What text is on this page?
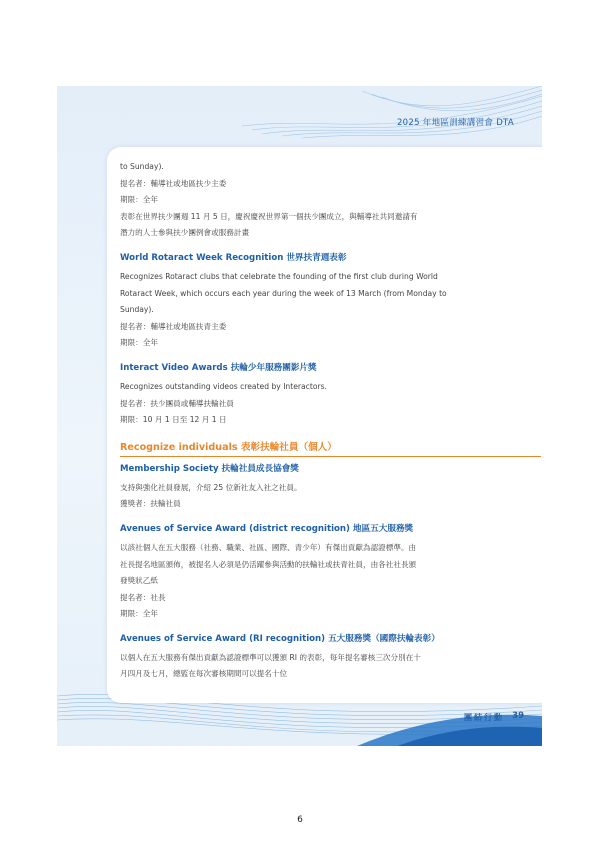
2025 年地區訓練講習會 DTA

to Sunday).

提名者：輔導社或地區扶少主委

期限：全年

表彰在世界扶少團週 11 月 5 日，慶祝慶祝世界第一個扶少團成立，與輔導社共同邀請有

潛力的人士參與扶少團例會或服務計畫

World Rotaract Week Recognition 世界扶青週表彰

Recognizes Rotaract clubs that celebrate the founding of the first club during World

Rotaract Week, which occurs each year during the week of 13 March (from Monday to

Sunday).

提名者：輔導社或地區扶青主委

期限：全年

Interact Video Awards 扶輪少年服務團影片獎

Recognizes outstanding videos created by Interactors.

提名者：扶少團員或輔導扶輪社員

期限：10 月 1 日至 12 月 1 日

Recognize individuals 表彰扶輪社員（個人）
Membership Society 扶輪社員成長協會獎

支持與強化社員發展，介紹 25 位新社友入社之社員。

獲獎者：扶輪社員

Avenues of Service Award (district recognition) 地區五大服務獎

以該社個人在五大服務（社務、職業、社區、國際、青少年）有傑出貢獻為認證標準。由

社長提名地區頒佈，被提名人必須是仍活躍參與活動的扶輪社或扶青社員，由各社社長頒

發獎狀乙紙

提名者：社長

期限：全年

Avenues of Service Award (RI recognition) 五大服務獎（國際扶輪表彰）

以個人在五大服務有傑出貢獻為認證標準可以獲頒 RI 的表彰，每年提名審核三次分別在十

月四月及七月，總監在每次審核期間可以提名十位

團結行動 39
6
